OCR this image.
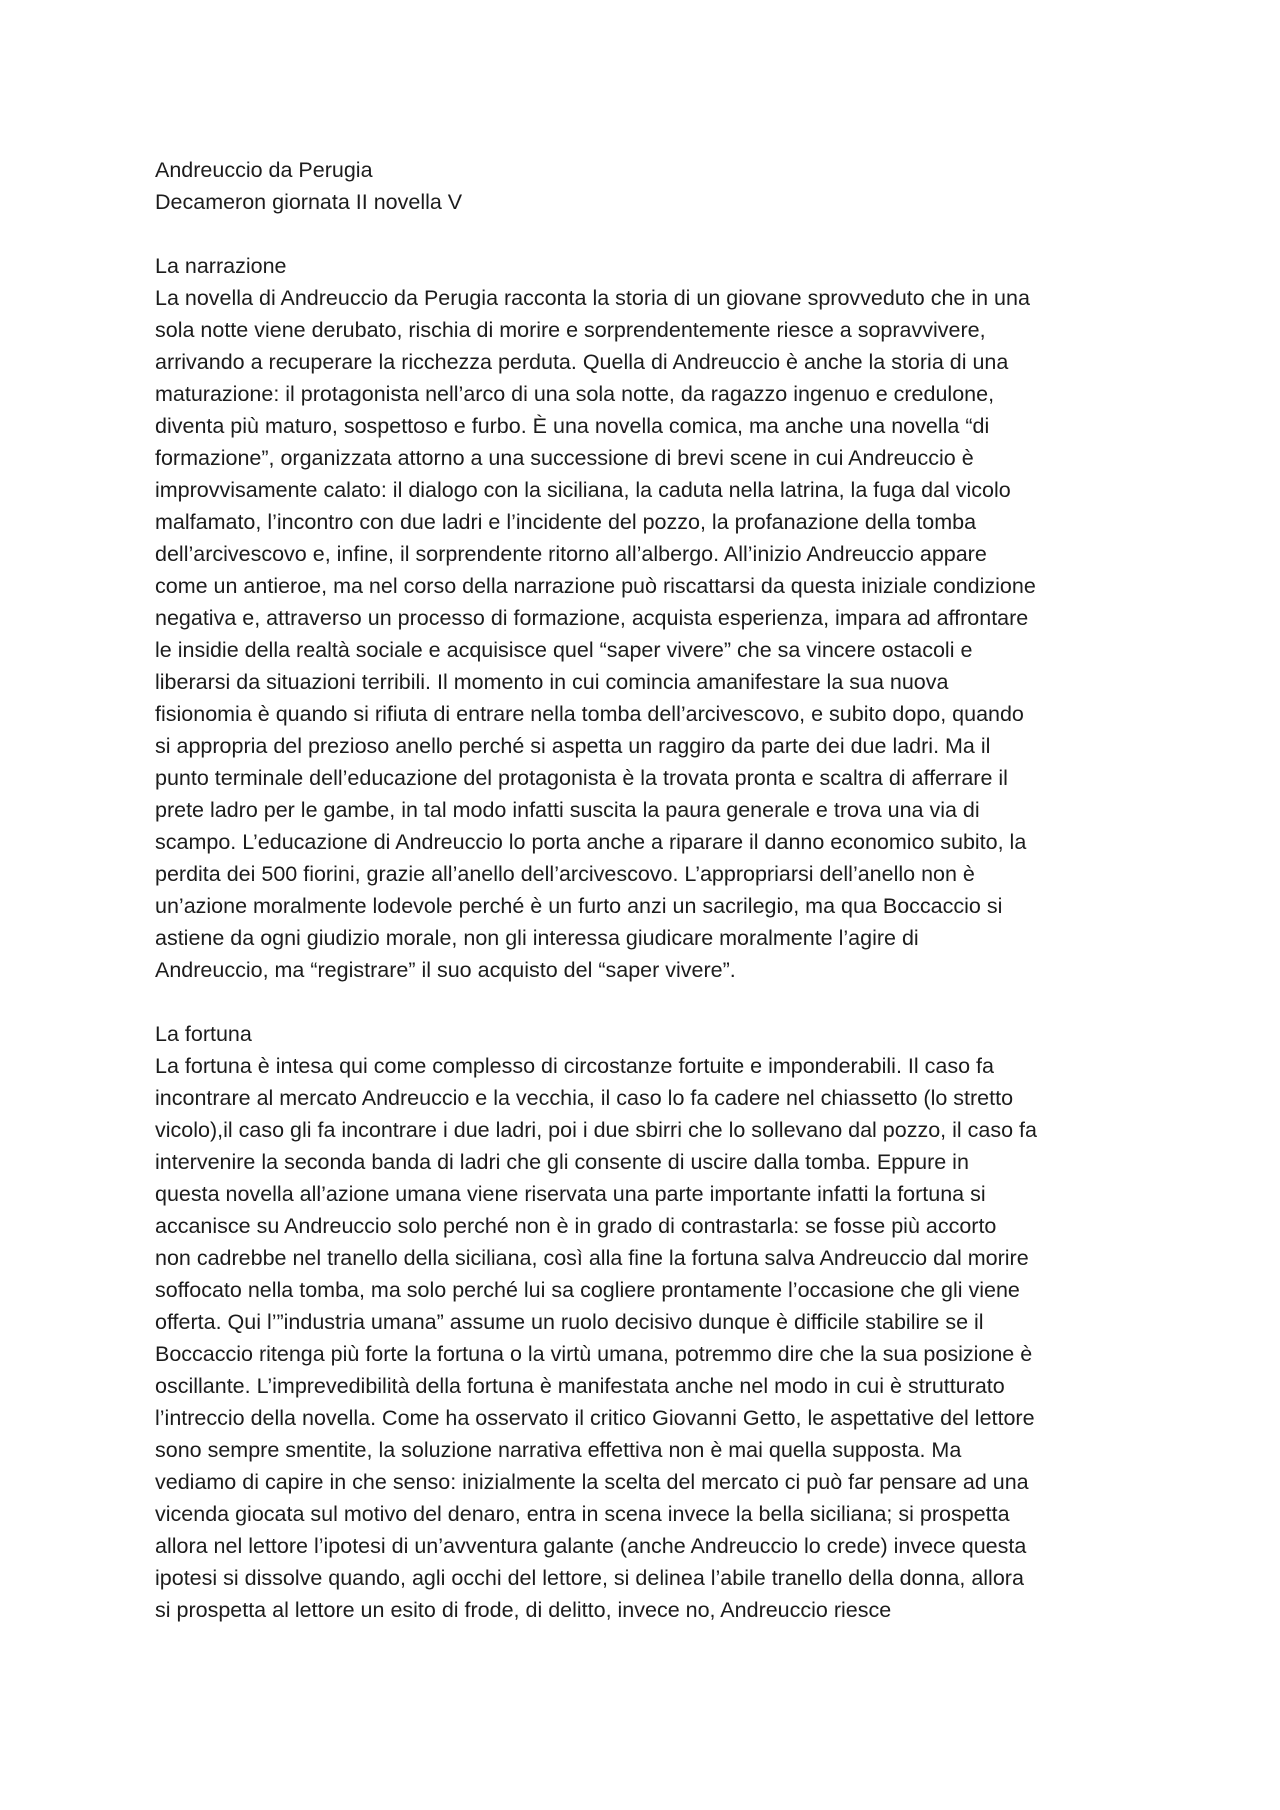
Andreuccio da Perugia
Decameron giornata II novella V
La narrazione
La novella di Andreuccio da Perugia racconta la storia di un giovane sprovveduto che in una
sola notte viene derubato, rischia di morire e sorprendentemente riesce a sopravvivere,
arrivando a recuperare la ricchezza perduta. Quella di Andreuccio è anche la storia di una
maturazione: il protagonista nell’arco di una sola notte, da ragazzo ingenuo e credulone,
diventa più maturo, sospettoso e furbo. È una novella comica, ma anche una novella “di
formazione”, organizzata attorno a una successione di brevi scene in cui Andreuccio è
improvvisamente calato: il dialogo con la siciliana, la caduta nella latrina, la fuga dal vicolo
malfamato, l’incontro con due ladri e l’incidente del pozzo, la profanazione della tomba
dell’arcivescovo e, infine, il sorprendente ritorno all’albergo. All’inizio Andreuccio appare
come un antieroe, ma nel corso della narrazione può riscattarsi da questa iniziale condizione
negativa e, attraverso un processo di formazione, acquista esperienza, impara ad affrontare
le insidie della realtà sociale e acquisisce quel “saper vivere” che sa vincere ostacoli e
liberarsi da situazioni terribili. Il momento in cui comincia amanifestare la sua nuova
fisionomia è quando si rifiuta di entrare nella tomba dell’arcivescovo, e subito dopo, quando
si appropria del prezioso anello perché si aspetta un raggiro da parte dei due ladri. Ma il
punto terminale dell’educazione del protagonista è la trovata pronta e scaltra di afferrare il
prete ladro per le gambe, in tal modo infatti suscita la paura generale e trova una via di
scampo. L’educazione di Andreuccio lo porta anche a riparare il danno economico subito, la
perdita dei 500 fiorini, grazie all’anello dell’arcivescovo. L’appropriarsi dell’anello non è
un’azione moralmente lodevole perché è un furto anzi un sacrilegio, ma qua Boccaccio si
astiene da ogni giudizio morale, non gli interessa giudicare moralmente l’agire di
Andreuccio, ma “registrare” il suo acquisto del “saper vivere”.
La fortuna
La fortuna è intesa qui come complesso di circostanze fortuite e imponderabili. Il caso fa
incontrare al mercato Andreuccio e la vecchia, il caso lo fa cadere nel chiassetto (lo stretto
vicolo),il caso gli fa incontrare i due ladri, poi i due sbirri che lo sollevano dal pozzo, il caso fa
intervenire la seconda banda di ladri che gli consente di uscire dalla tomba. Eppure in
questa novella all’azione umana viene riservata una parte importante infatti la fortuna si
accanisce su Andreuccio solo perché non è in grado di contrastarla: se fosse più accorto
non cadrebbe nel tranello della siciliana, così alla fine la fortuna salva Andreuccio dal morire
soffocato nella tomba, ma solo perché lui sa cogliere prontamente l’occasione che gli viene
offerta. Qui l’”industria umana” assume un ruolo decisivo dunque è difficile stabilire se il
Boccaccio ritenga più forte la fortuna o la virtù umana, potremmo dire che la sua posizione è
oscillante. L’imprevedibilità della fortuna è manifestata anche nel modo in cui è strutturato
l’intreccio della novella. Come ha osservato il critico Giovanni Getto, le aspettative del lettore
sono sempre smentite, la soluzione narrativa effettiva non è mai quella supposta. Ma
vediamo di capire in che senso: inizialmente la scelta del mercato ci può far pensare ad una
vicenda giocata sul motivo del denaro, entra in scena invece la bella siciliana; si prospetta
allora nel lettore l’ipotesi di un’avventura galante (anche Andreuccio lo crede) invece questa
ipotesi si dissolve quando, agli occhi del lettore, si delinea l’abile tranello della donna, allora
si prospetta al lettore un esito di frode, di delitto, invece no, Andreuccio riesce
